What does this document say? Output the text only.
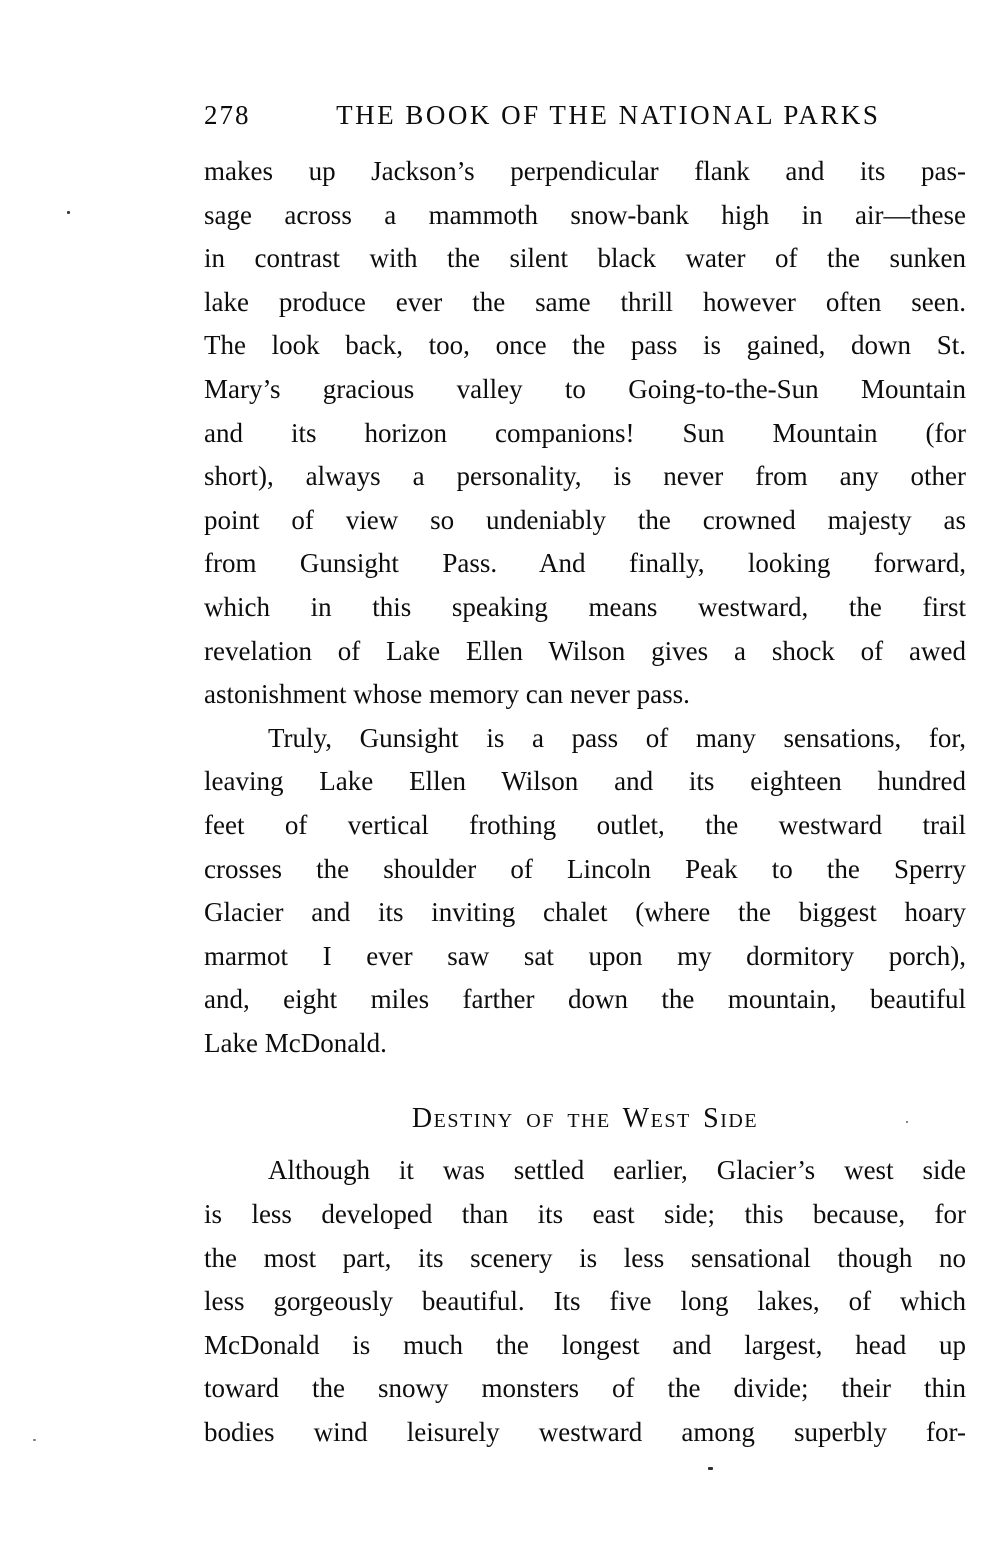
278	THE BOOK OF THE NATIONAL PARKS
makes up Jackson’s perpendicular flank and its pas-
sage across a mammoth snow-bank high in air—these
in contrast with the silent black water of the sunken
lake produce ever the same thrill however often seen.
The look back, too, once the pass is gained, down St.
Mary’s gracious valley to Going-to-the-Sun Mountain
and its horizon companions! Sun Mountain (for
short), always a personality, is never from any other
point of view so undeniably the crowned majesty as
from Gunsight Pass. And finally, looking forward,
which in this speaking means westward, the first
revelation of Lake Ellen Wilson gives a shock of awed
astonishment whose memory can never pass.
Truly, Gunsight is a pass of many sensations, for,
leaving Lake Ellen Wilson and its eighteen hundred
feet of vertical frothing outlet, the westward trail
crosses the shoulder of Lincoln Peak to the Sperry
Glacier and its inviting chalet (where the biggest hoary
marmot I ever saw sat upon my dormitory porch),
and, eight miles farther down the mountain, beautiful
Lake McDonald.
Destiny of the West Side
Although it was settled earlier, Glacier’s west side
is less developed than its east side; this because, for
the most part, its scenery is less sensational though no
less gorgeously beautiful. Its five long lakes, of which
McDonald is much the longest and largest, head up
toward the snowy monsters of the divide; their thin
bodies wind leisurely westward among superbly for-
